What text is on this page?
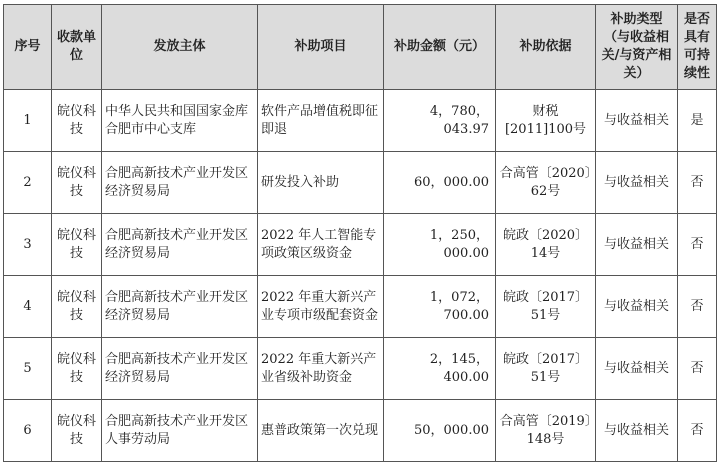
序号	收款单位	发放主体	补助项目	补助金额（元）	补助依据	补助类型（与收益相关/与资产相关）	是否具有可持续性
1	皖仪科技	中华人民共和国国家金库合肥市中心支库	软件产品增值税即征即退	4，780，043.97	财税[2011]100号	与收益相关	是
2	皖仪科技	合肥高新技术产业开发区经济贸易局	研发投入补助	60，000.00	合高管〔2020〕62号	与收益相关	否
3	皖仪科技	合肥高新技术产业开发区经济贸易局	2022 年人工智能专项政策区级资金	1，250，000.00	皖政〔2020〕14号	与收益相关	否
4	皖仪科技	合肥高新技术产业开发区经济贸易局	2022 年重大新兴产业专项市级配套资金	1，072，700.00	皖政〔2017〕51号	与收益相关	否
5	皖仪科技	合肥高新技术产业开发区经济贸易局	2022 年重大新兴产业省级补助资金	2，145，400.00	皖政〔2017〕51号	与收益相关	否
6	皖仪科技	合肥高新技术产业开发区人事劳动局	惠普政策第一次兑现	50，000.00	合高管〔2019〕148号	与收益相关	否
